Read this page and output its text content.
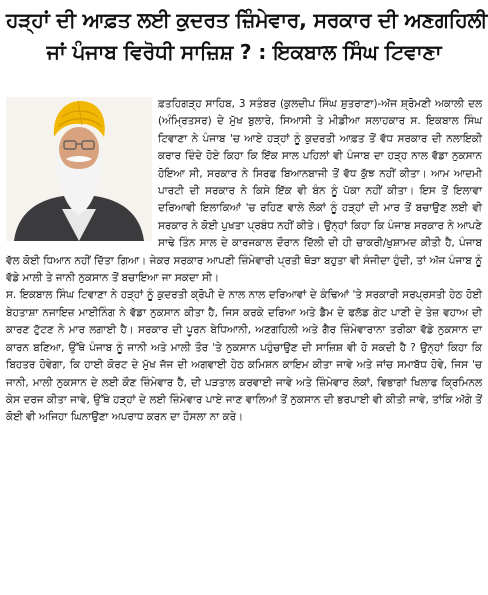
ਹੜ੍ਹਾਂ ਦੀ ਆਫ਼ਤ ਲਈ ਕੁਦਰਤ ਜ਼ਿੰਮੇਵਾਰ, ਸਰਕਾਰ ਦੀ ਅਣਗਹਿਲੀ
ਜਾਂ ਪੰਜਾਬ ਵਿਰੋਧੀ ਸਾਜ਼ਿਸ਼ ? : ਇਕਬਾਲ ਸਿੰਘ ਟਿਵਾਣਾ

ਫ਼ਤਹਿਗੜ੍ਹ ਸਾਹਿਬ, 3 ਸਤੰਬਰ (ਕੁਲਦੀਪ ਸਿੰਘ ਸ਼ੁਤਰਾਣਾ)-ਅੱਜ ਸ਼੍ਰੋਮਣੀ ਅਕਾਲੀ ਦਲ (ਅੰਮ੍ਰਿਤਸਰ) ਦੇ ਮੁੱਖ ਬੁਲਾਰੇ, ਸਿਆਸੀ ਤੇ ਮੀਡੀਆ ਸਲਾਹਕਾਰ ਸ. ਇਕਬਾਲ ਸਿੰਘ ਟਿਵਾਣਾ ਨੇ ਪੰਜਾਬ 'ਚ ਆਏ ਹੜ੍ਹਾਂ ਨੂੰ ਕੁਦਰਤੀ ਆਫ਼ਤ ਤੋਂ ਵੱਧ ਸਰਕਾਰ ਦੀ ਨਲਾਇਕੀ ਕਰਾਰ ਦਿੰਦੇ ਹੋਏ ਕਿਹਾ ਕਿ ਇੱਕ ਸਾਲ ਪਹਿਲਾਂ ਵੀ ਪੰਜਾਬ ਦਾ ਹੜ੍ਹ ਨਾਲ ਵੱਡਾ ਨੁਕਸਾਨ ਹੋਇਆ ਸੀ, ਸਰਕਾਰ ਨੇ ਸਿਰਫ ਬਿਆਨਬਾਜੀ ਤੋਂ ਵੱਧ ਕੁੱਝ ਨਹੀਂ ਕੀਤਾ। ਆਮ ਆਦਮੀ ਪਾਰਟੀ ਦੀ ਸਰਕਾਰ ਨੇ ਕਿਸੇ ਇੱਕ ਵੀ ਬੰਨ ਨੂੰ ਪੱਕਾ ਨਹੀਂ ਕੀਤਾ। ਇਸ ਤੋਂ ਇਲਾਵਾ ਦਰਿਆਵੀ ਇਲਾਕਿਆਂ 'ਚ ਰਹਿਣ ਵਾਲੇ ਲੋਕਾਂ ਨੂੰ ਹੜ੍ਹਾਂ ਦੀ ਮਾਰ ਤੋਂ ਬਚਾਉਣ ਲਈ ਵੀ ਸਰਕਾਰ ਨੇ ਕੋਈ ਪੁਖਤਾ ਪ੍ਰਬੰਧ ਨਹੀਂ ਕੀਤੇ। ਉਨ੍ਹਾਂ ਕਿਹਾ ਕਿ ਪੰਜਾਬ ਸਰਕਾਰ ਨੇ ਆਪਣੇ ਸਾਢੇ ਤਿੰਨ ਸਾਲ ਦੇ ਕਾਰਜਕਾਲ ਦੌਰਾਨ ਦਿੱਲੀ ਦੀ ਹੀ ਚਾਕਰੀ/ਖੁਸ਼ਾਮਦ ਕੀਤੀ ਹੈ, ਪੰਜਾਬ ਵੱਲ ਕੋਈ ਧਿਆਨ ਨਹੀਂ ਦਿੱਤਾ ਗਿਆ। ਜੇਕਰ ਸਰਕਾਰ ਆਪਣੀ ਜ਼ਿੰਮੇਵਾਰੀ ਪ੍ਰਤੀ ਥੋੜਾ ਬਹੁਤਾ ਵੀ ਸੰਜੀਦਾ ਹੁੰਦੀ, ਤਾਂ ਅੱਜ ਪੰਜਾਬ ਨੂੰ ਵੱਡੇ ਮਾਲੀ ਤੇ ਜਾਨੀ ਨੁਕਸਾਨ ਤੋਂ ਬਚਾਇਆ ਜਾ ਸਕਦਾ ਸੀ।

ਸ. ਇਕਬਾਲ ਸਿੰਘ ਟਿਵਾਣਾ ਨੇ ਹੜ੍ਹਾਂ ਨੂੰ ਕੁਦਰਤੀ ਕ੍ਰੋਪੀ ਦੇ ਨਾਲ ਨਾਲ ਦਰਿਆਵਾਂ ਦੇ ਕੰਢਿਆਂ 'ਤੇ ਸਰਕਾਰੀ ਸਰਪ੍ਰਸਤੀ ਹੇਠ ਹੋਈ ਬੇਹਤਾਸ਼ਾ ਨਜਾਇਜ਼ ਮਾਈਨਿੰਗ ਨੇ ਵੱਡਾ ਨੁਕਸਾਨ ਕੀਤਾ ਹੈ, ਜਿਸ ਕਰਕੇ ਦਰਿਆ ਅਤੇ ਡੈਮ ਦੇ ਫਲੱਡ ਗੇਟ ਪਾਣੀ ਦੇ ਤੇਜ਼ ਵਹਾਅ ਦੀ ਕਾਰਣ ਟੁੱਟਣ ਨੇ ਮਾਰ ਲਗਾਈ ਹੈ। ਸਰਕਾਰ ਦੀ ਪੂਰਨ ਬੇਧਿਆਨੀ, ਅਣਗਹਿਲੀ ਅਤੇ ਗੈਰ ਜ਼ਿੰਮੇਵਾਰਾਨਾ ਤਰੀਕਾ ਵੱਡੇ ਨੁਕਸਾਨ ਦਾ ਕਾਰਨ ਬਣਿਆ, ਉੱਥੇ ਪੰਜਾਬ ਨੂੰ ਜਾਨੀ ਅਤੇ ਮਾਲੀ ਤੌਰ 'ਤੇ ਨੁਕਸਾਨ ਪਹੁੰਚਾਉਣ ਦੀ ਸਾਜ਼ਿਸ਼ ਵੀ ਹੋ ਸਕਦੀ ਹੈ ? ਉਨ੍ਹਾਂ ਕਿਹਾ ਕਿ ਬਿਹਤਰ ਹੋਵੇਗਾ, ਕਿ ਹਾਈ ਕੋਰਟ ਦੇ ਮੁੱਖ ਜੱਜ ਦੀ ਅਗਵਾਈ ਹੇਠ ਕਮਿਸ਼ਨ ਕਾਇਮ ਕੀਤਾ ਜਾਵੇ ਅਤੇ ਜਾਂਚ ਸਮਾਬੱਧ ਹੋਵੇ, ਜਿਸ 'ਚ ਜਾਨੀ, ਮਾਲੀ ਨੁਕਸਾਨ ਦੇ ਲਈ ਕੌਣ ਜ਼ਿੰਮੇਵਾਰ ਹੈ, ਦੀ ਪੜਤਾਲ ਕਰਵਾਈ ਜਾਵੇ ਅਤੇ ਜ਼ਿੰਮੇਵਾਰ ਲੋਕਾਂ, ਵਿਭਾਗਾਂ ਖਿਲਾਫ ਕ੍ਰਿਮਿਨਲ ਕੇਸ ਦਰਜ ਕੀਤਾ ਜਾਵੇ, ਉੱਥੇ ਹੜ੍ਹਾਂ ਦੇ ਲਈ ਜ਼ਿੰਮੇਵਾਰ ਪਾਏ ਜਾਣ ਵਾਲਿਆਂ ਤੋਂ ਨੁਕਸਾਨ ਦੀ ਭਰਪਾਈ ਵੀ ਕੀਤੀ ਜਾਵੇ, ਤਾਂਕਿ ਅੱਗੇ ਤੋਂ ਕੋਈ ਵੀ ਅਜਿਹਾ ਘਿਨਾਉਣਾ ਅਪਰਾਧ ਕਰਨ ਦਾ ਹੌਸਲਾ ਨਾ ਕਰੇ।
